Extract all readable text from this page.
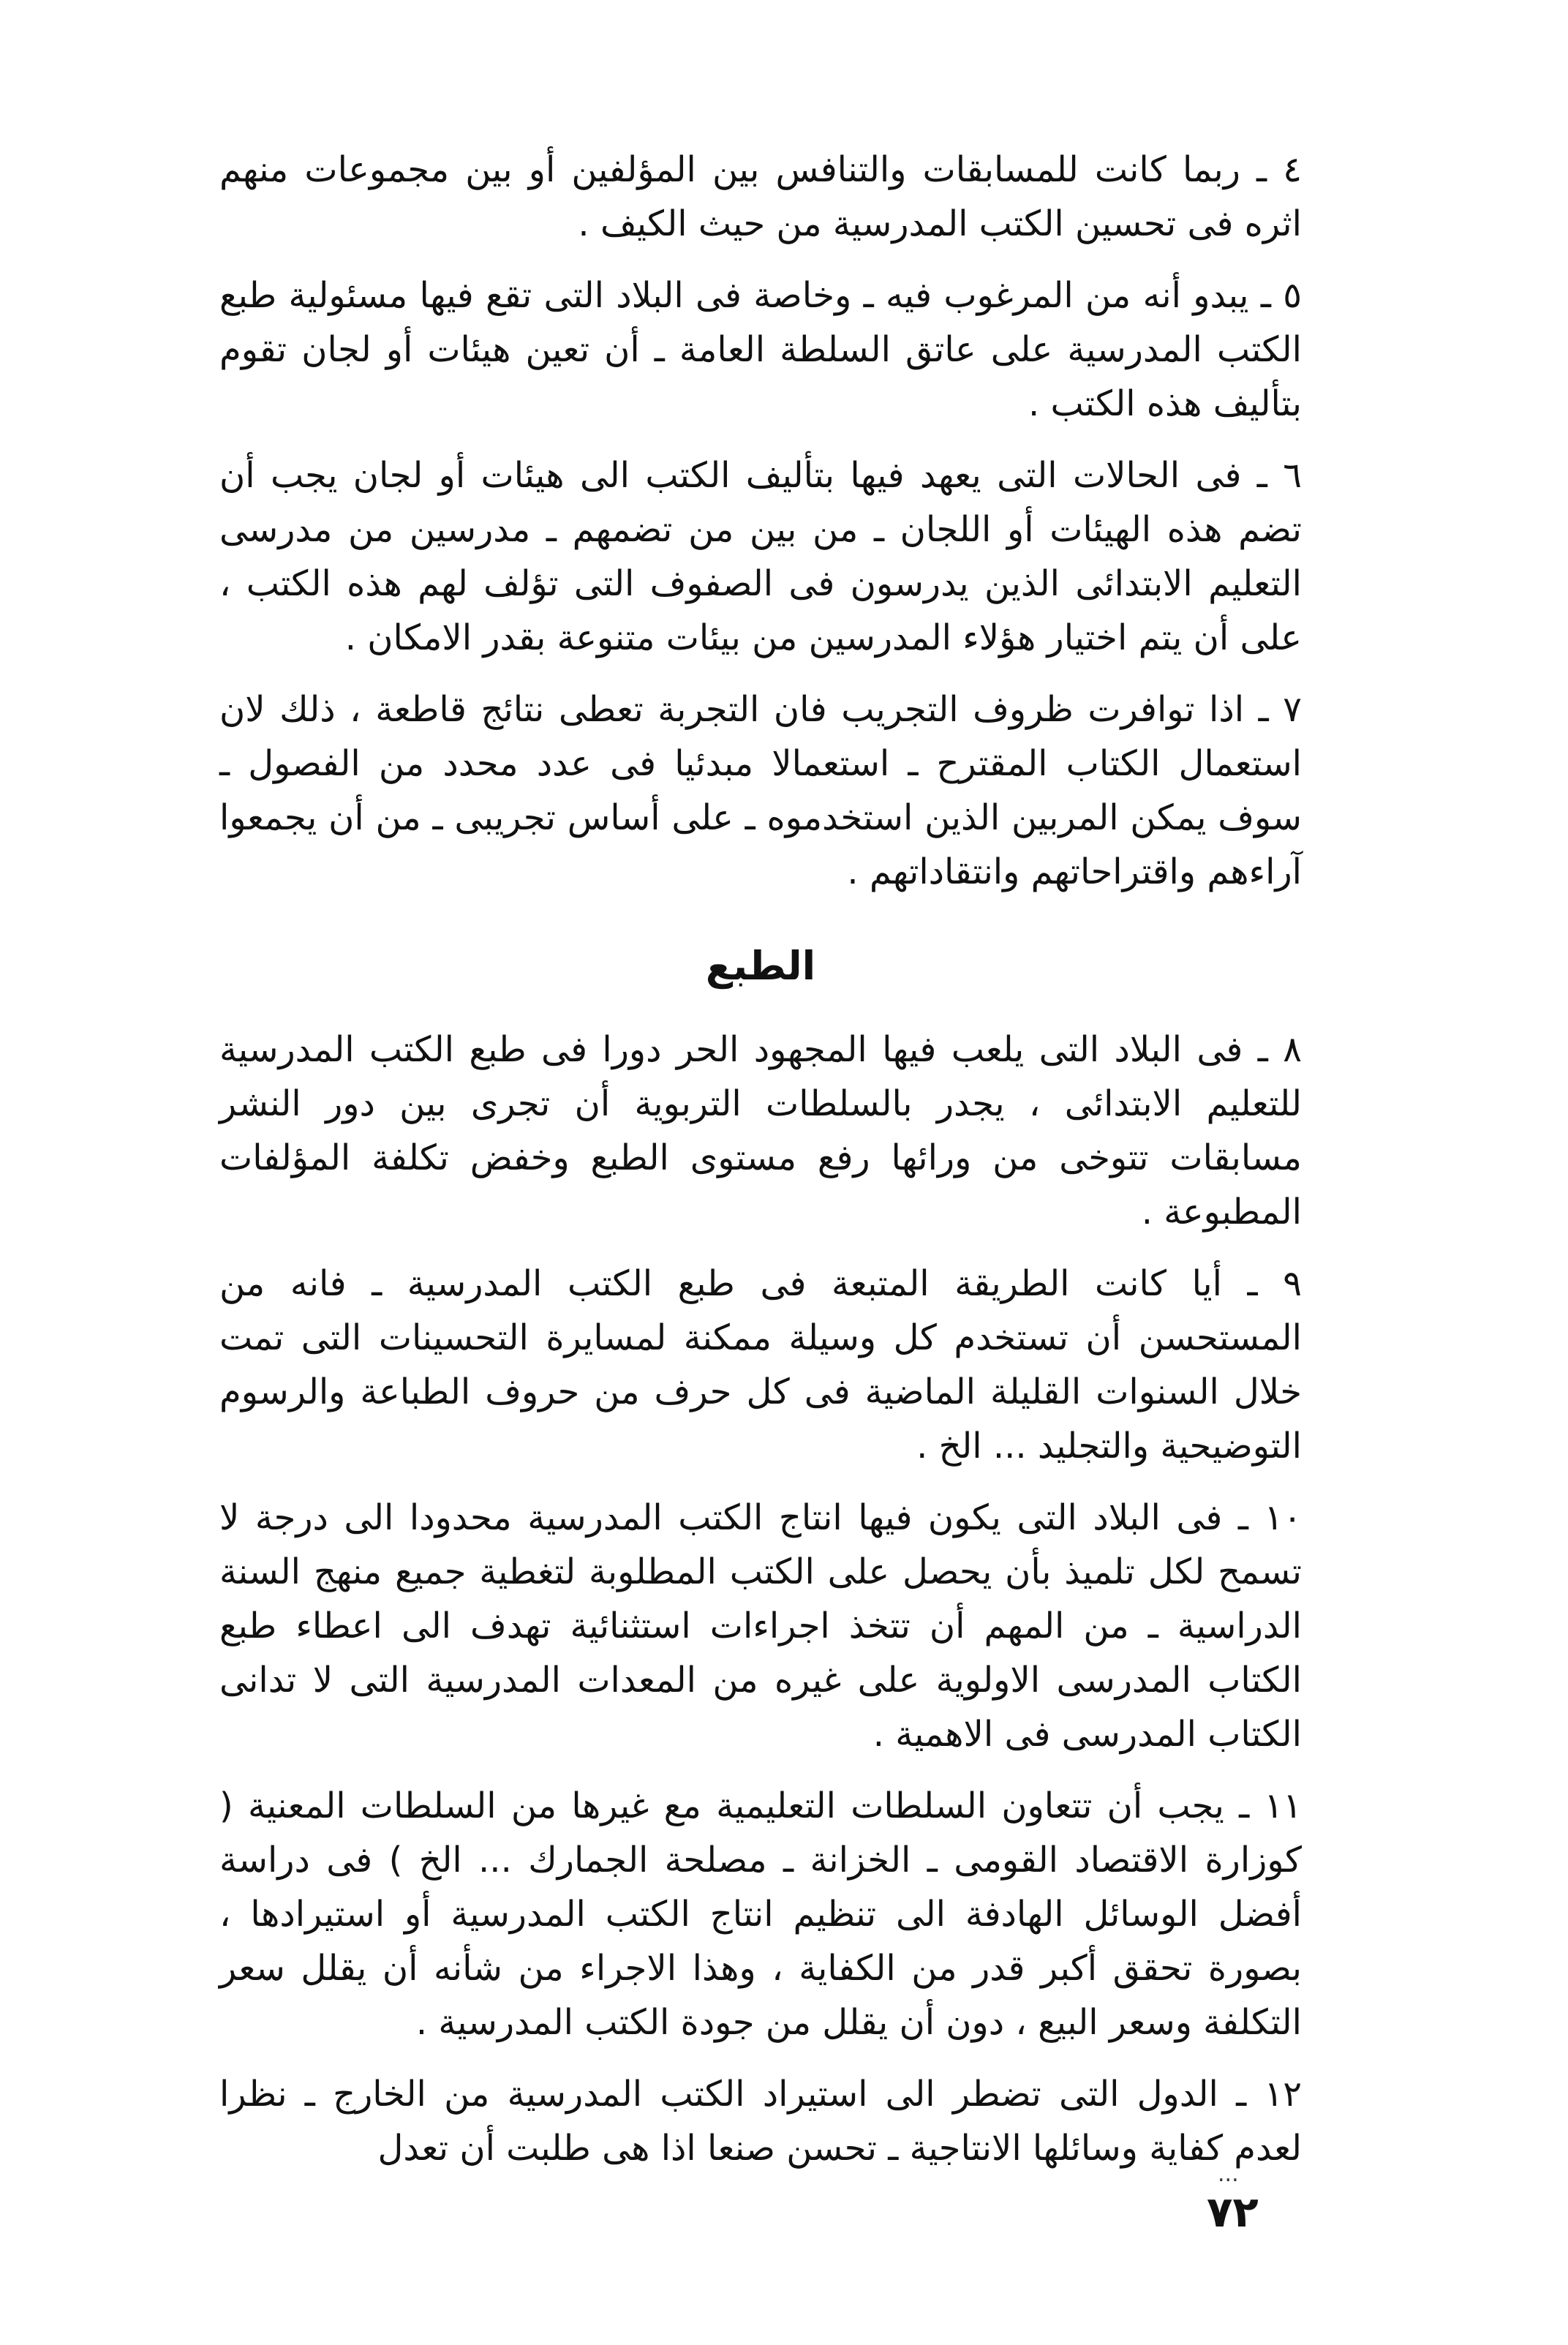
٤ ـ ربما كانت للمسابقات والتنافس بين المؤلفين أو بين مجموعات منهم اثره فى تحسين الكتب المدرسية من حيث الكيف .

٥ ـ يبدو أنه من المرغوب فيه ـ وخاصة فى البلاد التى تقع فيها مسئولية طبع الكتب المدرسية على عاتق السلطة العامة ـ أن تعين هيئات أو لجان تقوم بتأليف هذه الكتب .

٦ ـ فى الحالات التى يعهد فيها بتأليف الكتب الى هيئات أو لجان يجب أن تضم هذه الهيئات أو اللجان ـ من بين من تضمهم ـ مدرسين من مدرسى التعليم الابتدائى الذين يدرسون فى الصفوف التى تؤلف لهم هذه الكتب ، على أن يتم اختيار هؤلاء المدرسين من بيئات متنوعة بقدر الامكان .

٧ ـ اذا توافرت ظروف التجريب فان التجربة تعطى نتائج قاطعة ، ذلك لان استعمال الكتاب المقترح ـ استعمالا مبدئيا فى عدد محدد من الفصول ـ سوف يمكن المربين الذين استخدموه ـ على أساس تجريبى ـ من أن يجمعوا آراءهم واقتراحاتهم وانتقاداتهم .

الطبع

٨ ـ فى البلاد التى يلعب فيها المجهود الحر دورا فى طبع الكتب المدرسية للتعليم الابتدائى ، يجدر بالسلطات التربوية أن تجرى بين دور النشر مسابقات تتوخى من ورائها رفع مستوى الطبع وخفض تكلفة المؤلفات المطبوعة .

٩ ـ أيا كانت الطريقة المتبعة فى طبع الكتب المدرسية ـ فانه من المستحسن أن تستخدم كل وسيلة ممكنة لمسايرة التحسينات التى تمت خلال السنوات القليلة الماضية فى كل حرف من حروف الطباعة والرسوم التوضيحية والتجليد ... الخ .

١٠ ـ فى البلاد التى يكون فيها انتاج الكتب المدرسية محدودا الى درجة لا تسمح لكل تلميذ بأن يحصل على الكتب المطلوبة لتغطية جميع منهج السنة الدراسية ـ من المهم أن تتخذ اجراءات استثنائية تهدف الى اعطاء طبع الكتاب المدرسى الاولوية على غيره من المعدات المدرسية التى لا تدانى الكتاب المدرسى فى الاهمية .

١١ ـ يجب أن تتعاون السلطات التعليمية مع غيرها من السلطات المعنية ( كوزارة الاقتصاد القومى ـ الخزانة ـ مصلحة الجمارك ... الخ ) فى دراسة أفضل الوسائل الهادفة الى تنظيم انتاج الكتب المدرسية أو استيرادها ، بصورة تحقق أكبر قدر من الكفاية ، وهذا الاجراء من شأنه أن يقلل سعر التكلفة وسعر البيع ، دون أن يقلل من جودة الكتب المدرسية .

١٢ ـ الدول التى تضطر الى استيراد الكتب المدرسية من الخارج ـ نظرا لعدم كفاية وسائلها الانتاجية ـ تحسن صنعا اذا هى طلبت أن تعدل

...
٧٢
